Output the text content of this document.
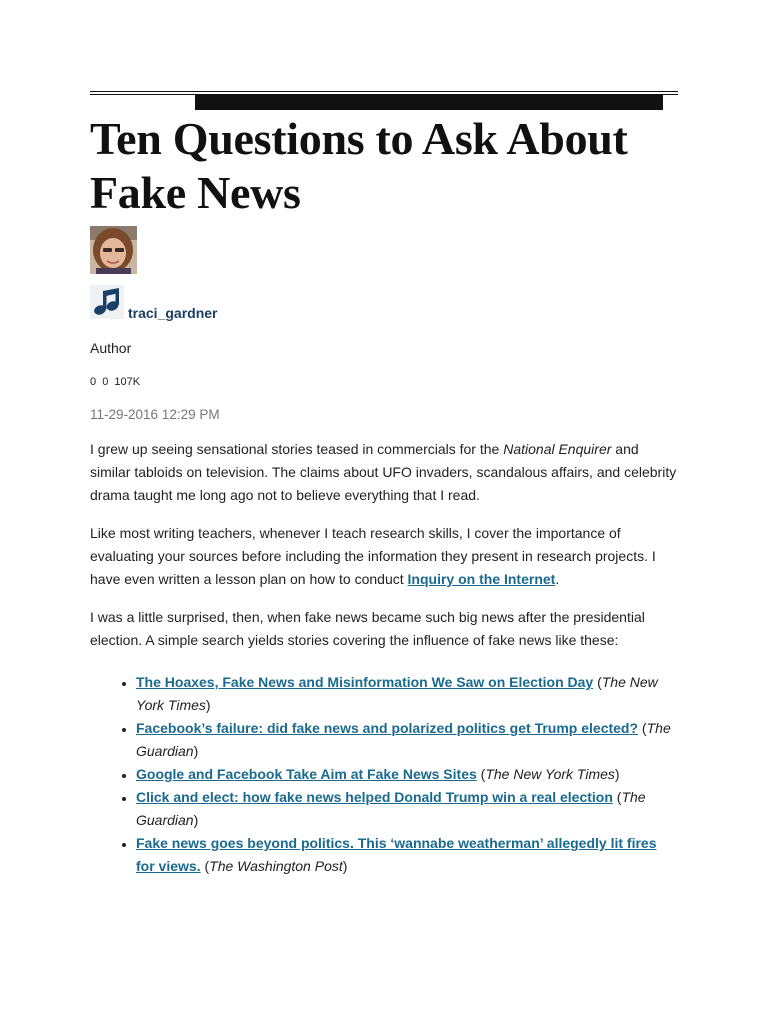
Ten Questions to Ask About Fake News
traci_gardner
Author
0 0 107K
11-29-2016 12:29 PM

I grew up seeing sensational stories teased in commercials for the National Enquirer and similar tabloids on television. The claims about UFO invaders, scandalous affairs, and celebrity drama taught me long ago not to believe everything that I read.

Like most writing teachers, whenever I teach research skills, I cover the importance of evaluating your sources before including the information they present in research projects. I have even written a lesson plan on how to conduct Inquiry on the Internet.

I was a little surprised, then, when fake news became such big news after the presidential election. A simple search yields stories covering the influence of fake news like these:

• The Hoaxes, Fake News and Misinformation We Saw on Election Day (The New York Times)
• Facebook’s failure: did fake news and polarized politics get Trump elected? (The Guardian)
• Google and Facebook Take Aim at Fake News Sites (The New York Times)
• Click and elect: how fake news helped Donald Trump win a real election (The Guardian)
• Fake news goes beyond politics. This ‘wannabe weatherman’ allegedly lit fires for views. (The Washington Post)
